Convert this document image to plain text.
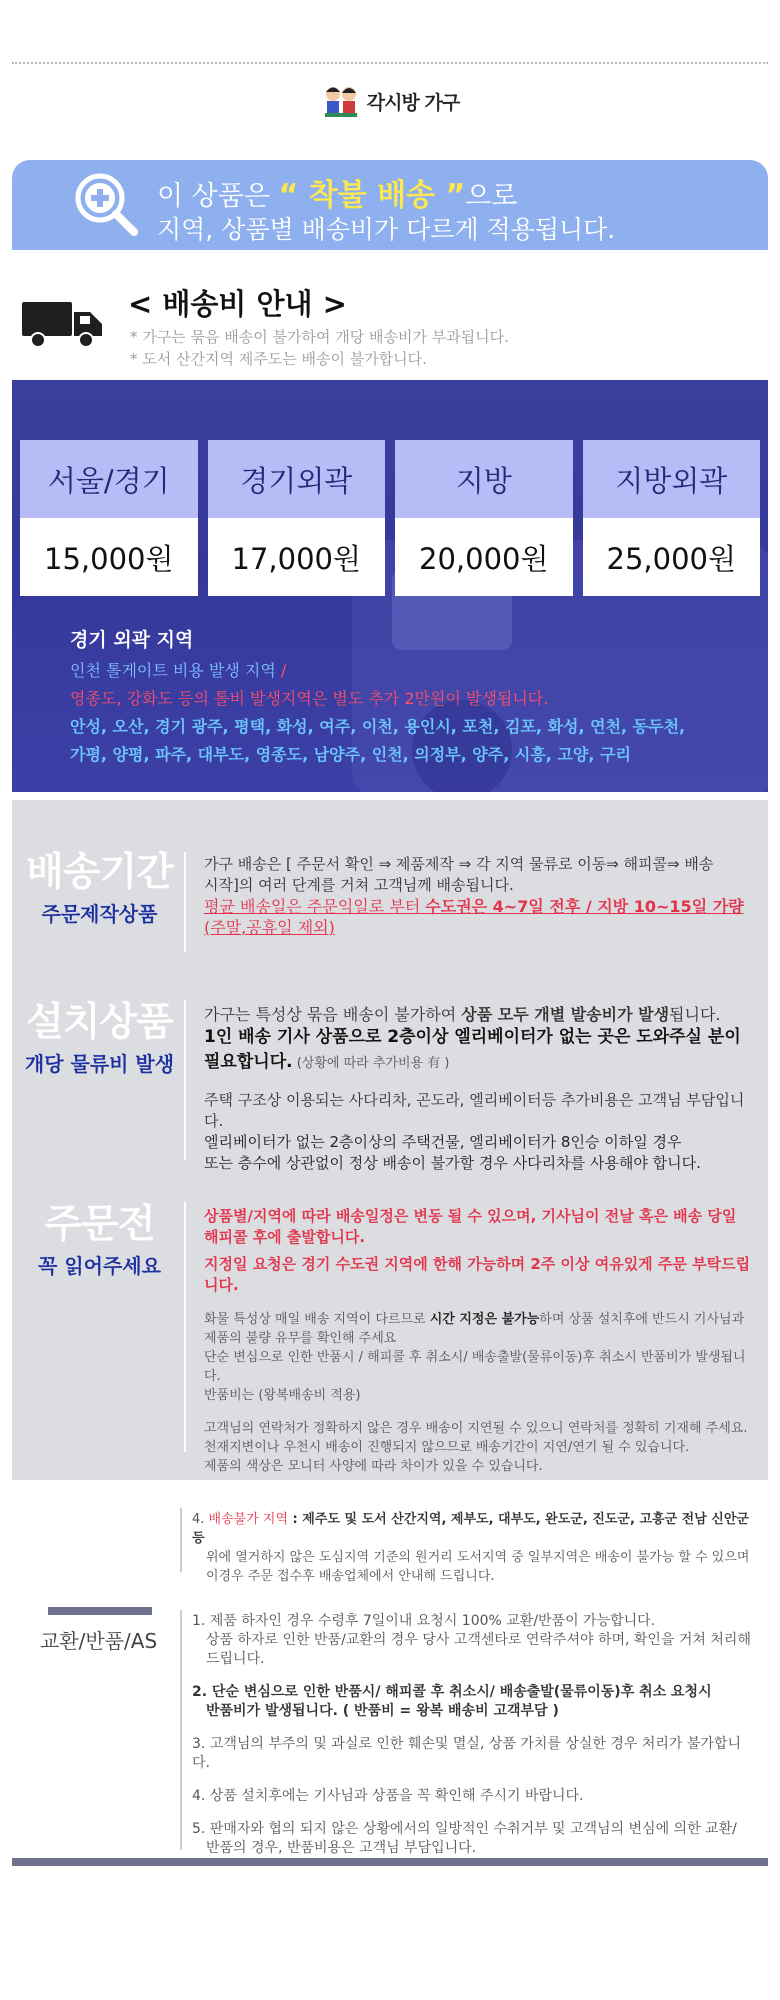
각시방 가구
이 상품은 “ 착불 배송 ”으로
지역, 상품별 배송비가 다르게 적용됩니다.
< 배송비 안내 >
* 가구는 묶음 배송이 불가하여 개당 배송비가 부과됩니다.
* 도서 산간지역 제주도는 배송이 불가합니다.
서울/경기
15,000원
경기외곽
17,000원
지방
20,000원
지방외곽
25,000원
경기 외곽 지역
인천 톨게이트 비용 발생 지역 /
영종도, 강화도 등의 톨비 발생지역은 별도 추가 2만원이 발생됩니다.
안성, 오산, 경기 광주, 평택, 화성, 여주, 이천, 용인시, 포천, 김포, 화성, 연천, 동두천,
가평, 양평, 파주, 대부도, 영종도, 남양주, 인천, 의정부, 양주, 시흥, 고양, 구리
배송기간
주문제작상품
가구 배송은 [ 주문서 확인 ⇒ 제품제작 ⇒ 각 지역 물류로 이동⇒ 해피콜⇒ 배송
시작]의 여러 단계를 거쳐 고객님께 배송됩니다.
평균 배송일은 주문익일로 부터 수도권은 4~7일 전후 / 지방 10~15일 가량
(주말,공휴일 제외)
설치상품
개당 물류비 발생
가구는 특성상 묶음 배송이 불가하여 상품 모두 개별 발송비가 발생됩니다.
1인 배송 기사 상품으로 2층이상 엘리베이터가 없는 곳은 도와주실 분이
필요합니다. (상황에 따라 추가비용 有 )
주택 구조상 이용되는 사다리차, 곤도라, 엘리베이터등 추가비용은 고객님 부담입니다.
엘리베이터가 없는 2층이상의 주택건물, 엘리베이터가 8인승 이하일 경우
또는 층수에 상관없이 정상 배송이 불가할 경우 사다리차를 사용해야 합니다.
주문전
꼭 읽어주세요
상품별/지역에 따라 배송일정은 변동 될 수 있으며, 기사님이 전날 혹은 배송 당일
해피콜 후에 출발합니다.
지정일 요청은 경기 수도권 지역에 한해 가능하며 2주 이상 여유있게 주문 부탁드립니다.
화물 특성상 매일 배송 지역이 다르므로 시간 지정은 불가능하며 상품 설치후에 반드시 기사님과
제품의 불량 유무를 확인해 주세요
단순 변심으로 인한 반품시 / 해피콜 후 취소시/ 배송출발(물류이동)후 취소시 반품비가 발생됩니다.
반품비는 (왕복배송비 적용)
고객님의 연락처가 정확하지 않은 경우 배송이 지연될 수 있으니 연락처를 정확히 기재해 주세요.
천재지변이나 우천시 배송이 진행되지 않으므로 배송기간이 지연/연기 될 수 있습니다.
제품의 색상은 모니터 사양에 따라 차이가 있을 수 있습니다.
4. 배송불가 지역 : 제주도 및 도서 산간지역, 제부도, 대부도, 완도군, 진도군, 고흥군 전남 신안군등
위에 열거하지 않은 도심지역 기준의 원거리 도서지역 중 일부지역은 배송이 불가능 할 수 있으며
이경우 주문 접수후 배송업체에서 안내해 드립니다.
교환/반품/AS
1. 제품 하자인 경우 수령후 7일이내 요청시 100% 교환/반품이 가능합니다.
상품 하자로 인한 반품/교환의 경우 당사 고객센타로 연락주셔야 하며, 확인을 거쳐 처리해드립니다.
2. 단순 변심으로 인한 반품시/ 해피콜 후 취소시/ 배송출발(물류이동)후 취소 요청시
반품비가 발생됩니다. ( 반품비 = 왕복 배송비 고객부담 )
3. 고객님의 부주의 및 과실로 인한 훼손및 멸실, 상품 가치를 상실한 경우 처리가 불가합니다.
4. 상품 설치후에는 기사님과 상품을 꼭 확인해 주시기 바랍니다.
5. 판매자와 협의 되지 않은 상황에서의 일방적인 수취거부 및 고객님의 변심에 의한 교환/
반품의 경우, 반품비용은 고객님 부담입니다.
